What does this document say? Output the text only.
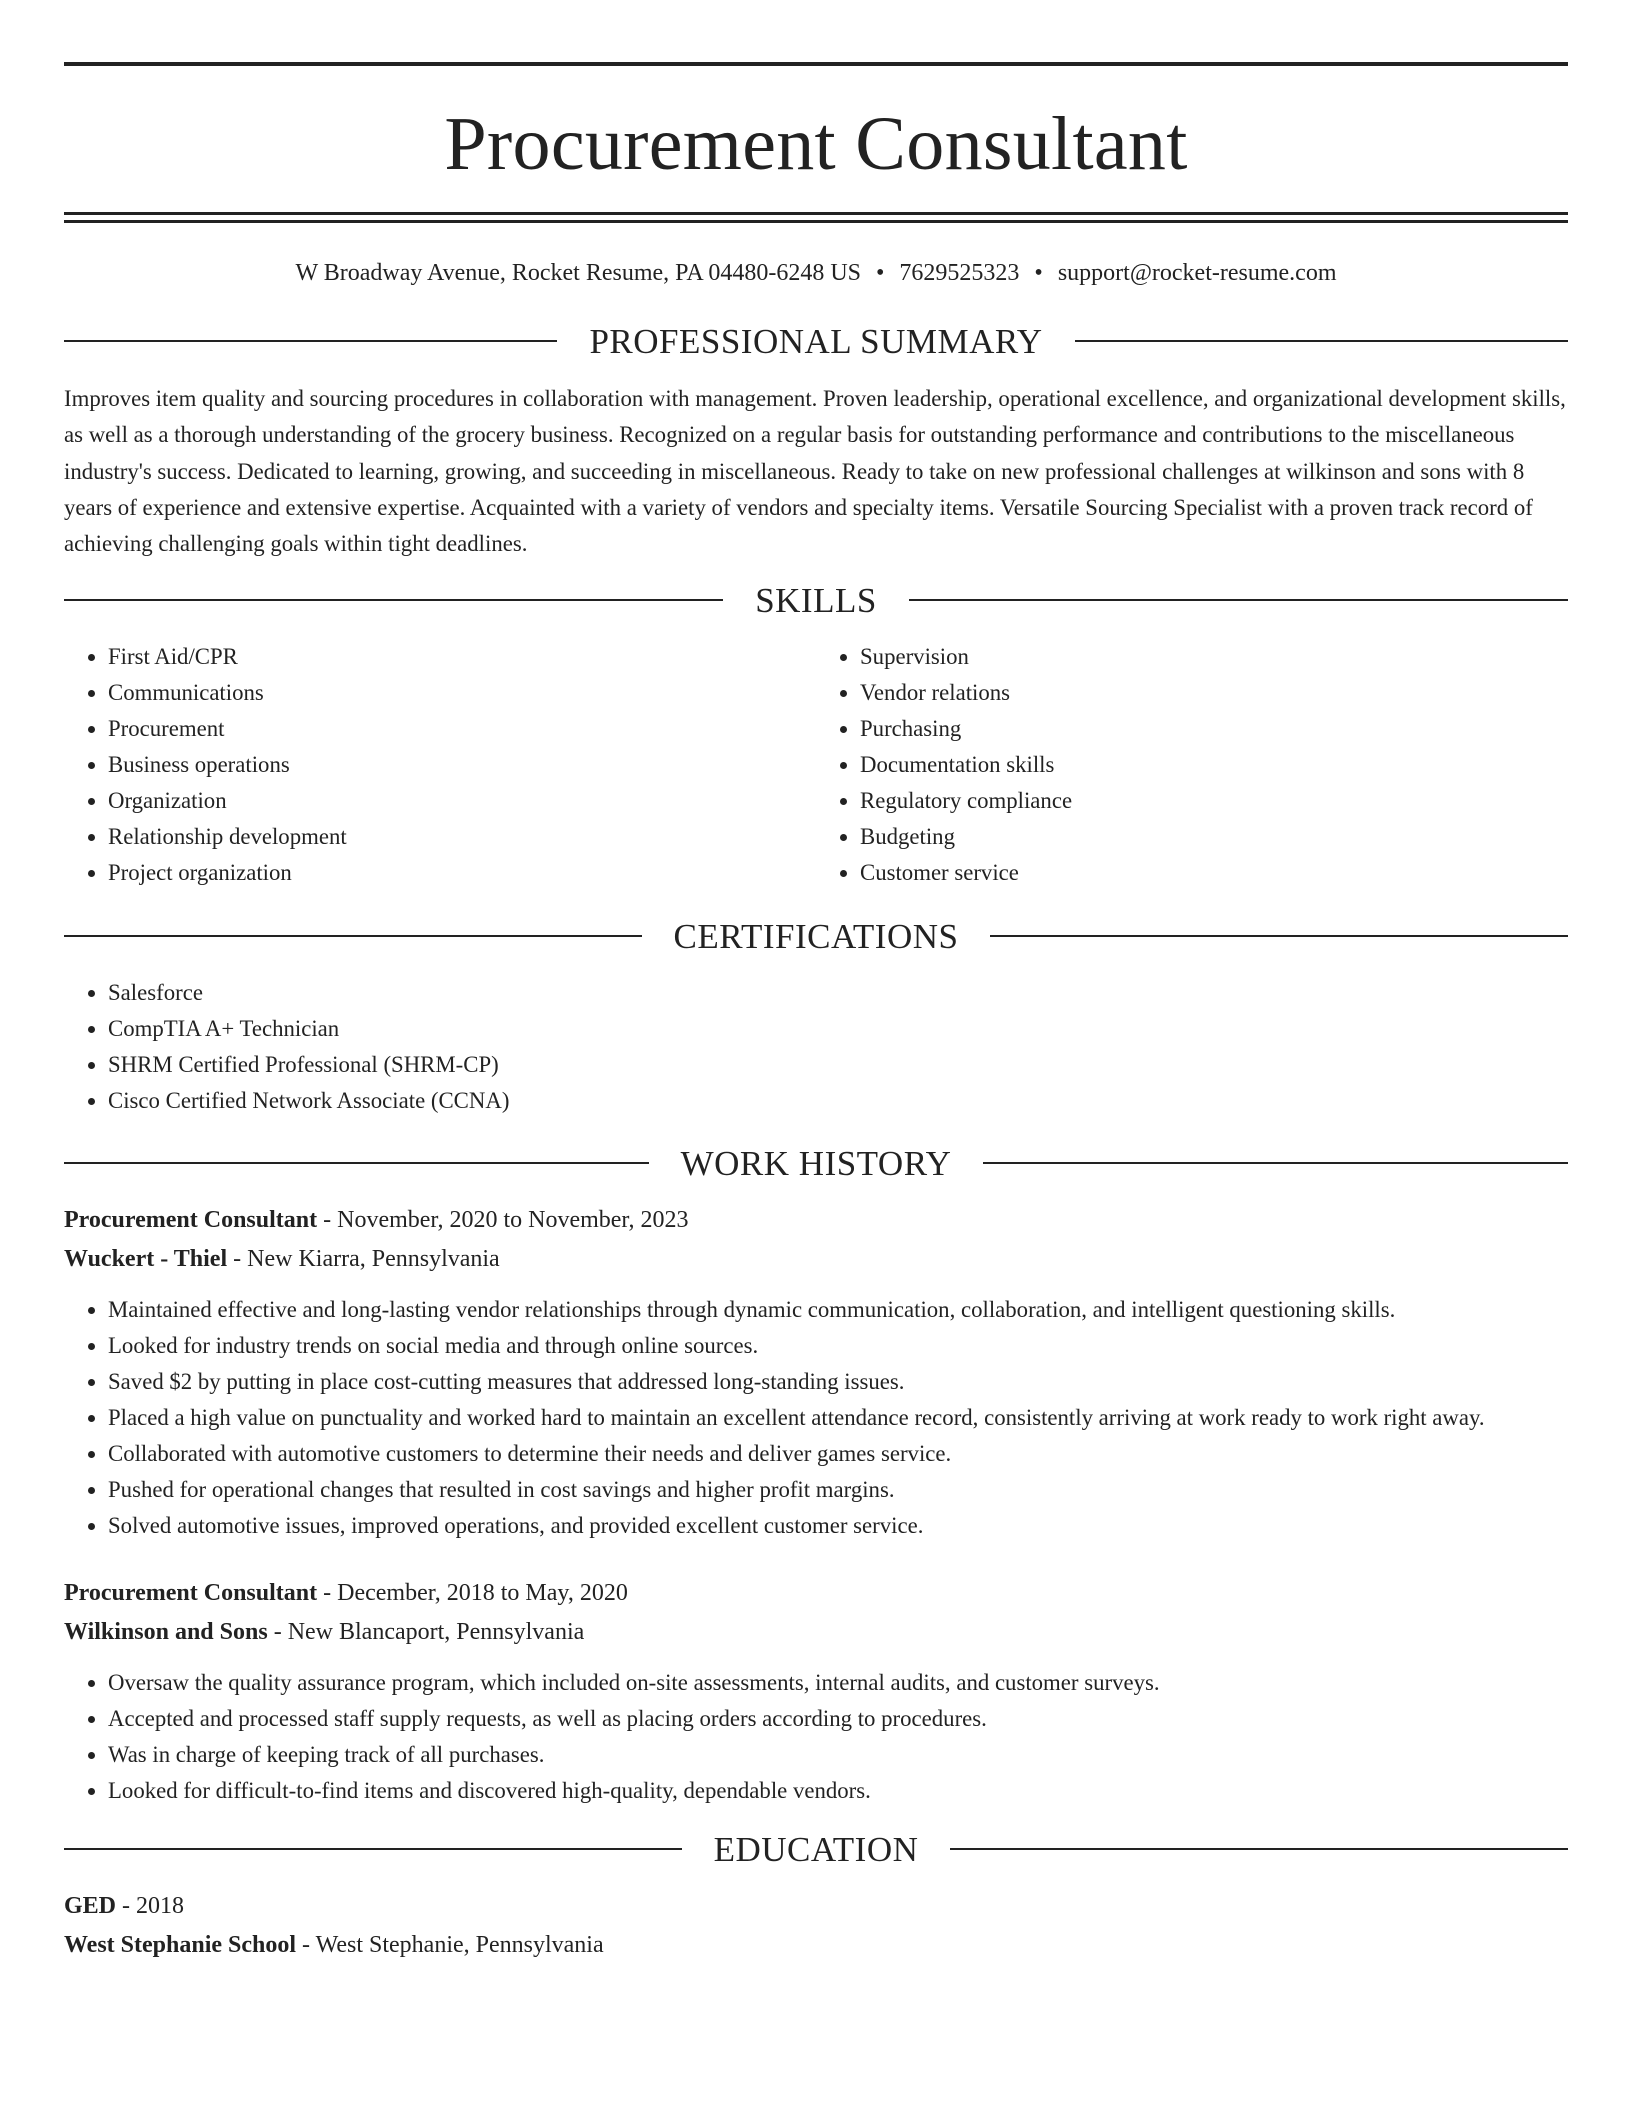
Procurement Consultant
W Broadway Avenue, Rocket Resume, PA 04480-6248 US • 7629525323 • support@rocket-resume.com
PROFESSIONAL SUMMARY

Improves item quality and sourcing procedures in collaboration with management. Proven leadership, operational excellence, and organizational development skills, as well as a thorough understanding of the grocery business. Recognized on a regular basis for outstanding performance and contributions to the miscellaneous industry's success. Dedicated to learning, growing, and succeeding in miscellaneous. Ready to take on new professional challenges at wilkinson and sons with 8 years of experience and extensive expertise. Acquainted with a variety of vendors and specialty items. Versatile Sourcing Specialist with a proven track record of achieving challenging goals within tight deadlines.

SKILLS
• First Aid/CPR
• Communications
• Procurement
• Business operations
• Organization
• Relationship development
• Project organization
• Supervision
• Vendor relations
• Purchasing
• Documentation skills
• Regulatory compliance
• Budgeting
• Customer service
CERTIFICATIONS
• Salesforce
• CompTIA A+ Technician
• SHRM Certified Professional (SHRM-CP)
• Cisco Certified Network Associate (CCNA)
WORK HISTORY
Procurement Consultant - November, 2020 to November, 2023
Wuckert - Thiel - New Kiarra, Pennsylvania
• Maintained effective and long-lasting vendor relationships through dynamic communication, collaboration, and intelligent questioning skills.
• Looked for industry trends on social media and through online sources.
• Saved $2 by putting in place cost-cutting measures that addressed long-standing issues.
• Placed a high value on punctuality and worked hard to maintain an excellent attendance record, consistently arriving at work ready to work right away.
• Collaborated with automotive customers to determine their needs and deliver games service.
• Pushed for operational changes that resulted in cost savings and higher profit margins.
• Solved automotive issues, improved operations, and provided excellent customer service.
Procurement Consultant - December, 2018 to May, 2020
Wilkinson and Sons - New Blancaport, Pennsylvania
• Oversaw the quality assurance program, which included on-site assessments, internal audits, and customer surveys.
• Accepted and processed staff supply requests, as well as placing orders according to procedures.
• Was in charge of keeping track of all purchases.
• Looked for difficult-to-find items and discovered high-quality, dependable vendors.
EDUCATION
GED - 2018
West Stephanie School - West Stephanie, Pennsylvania
